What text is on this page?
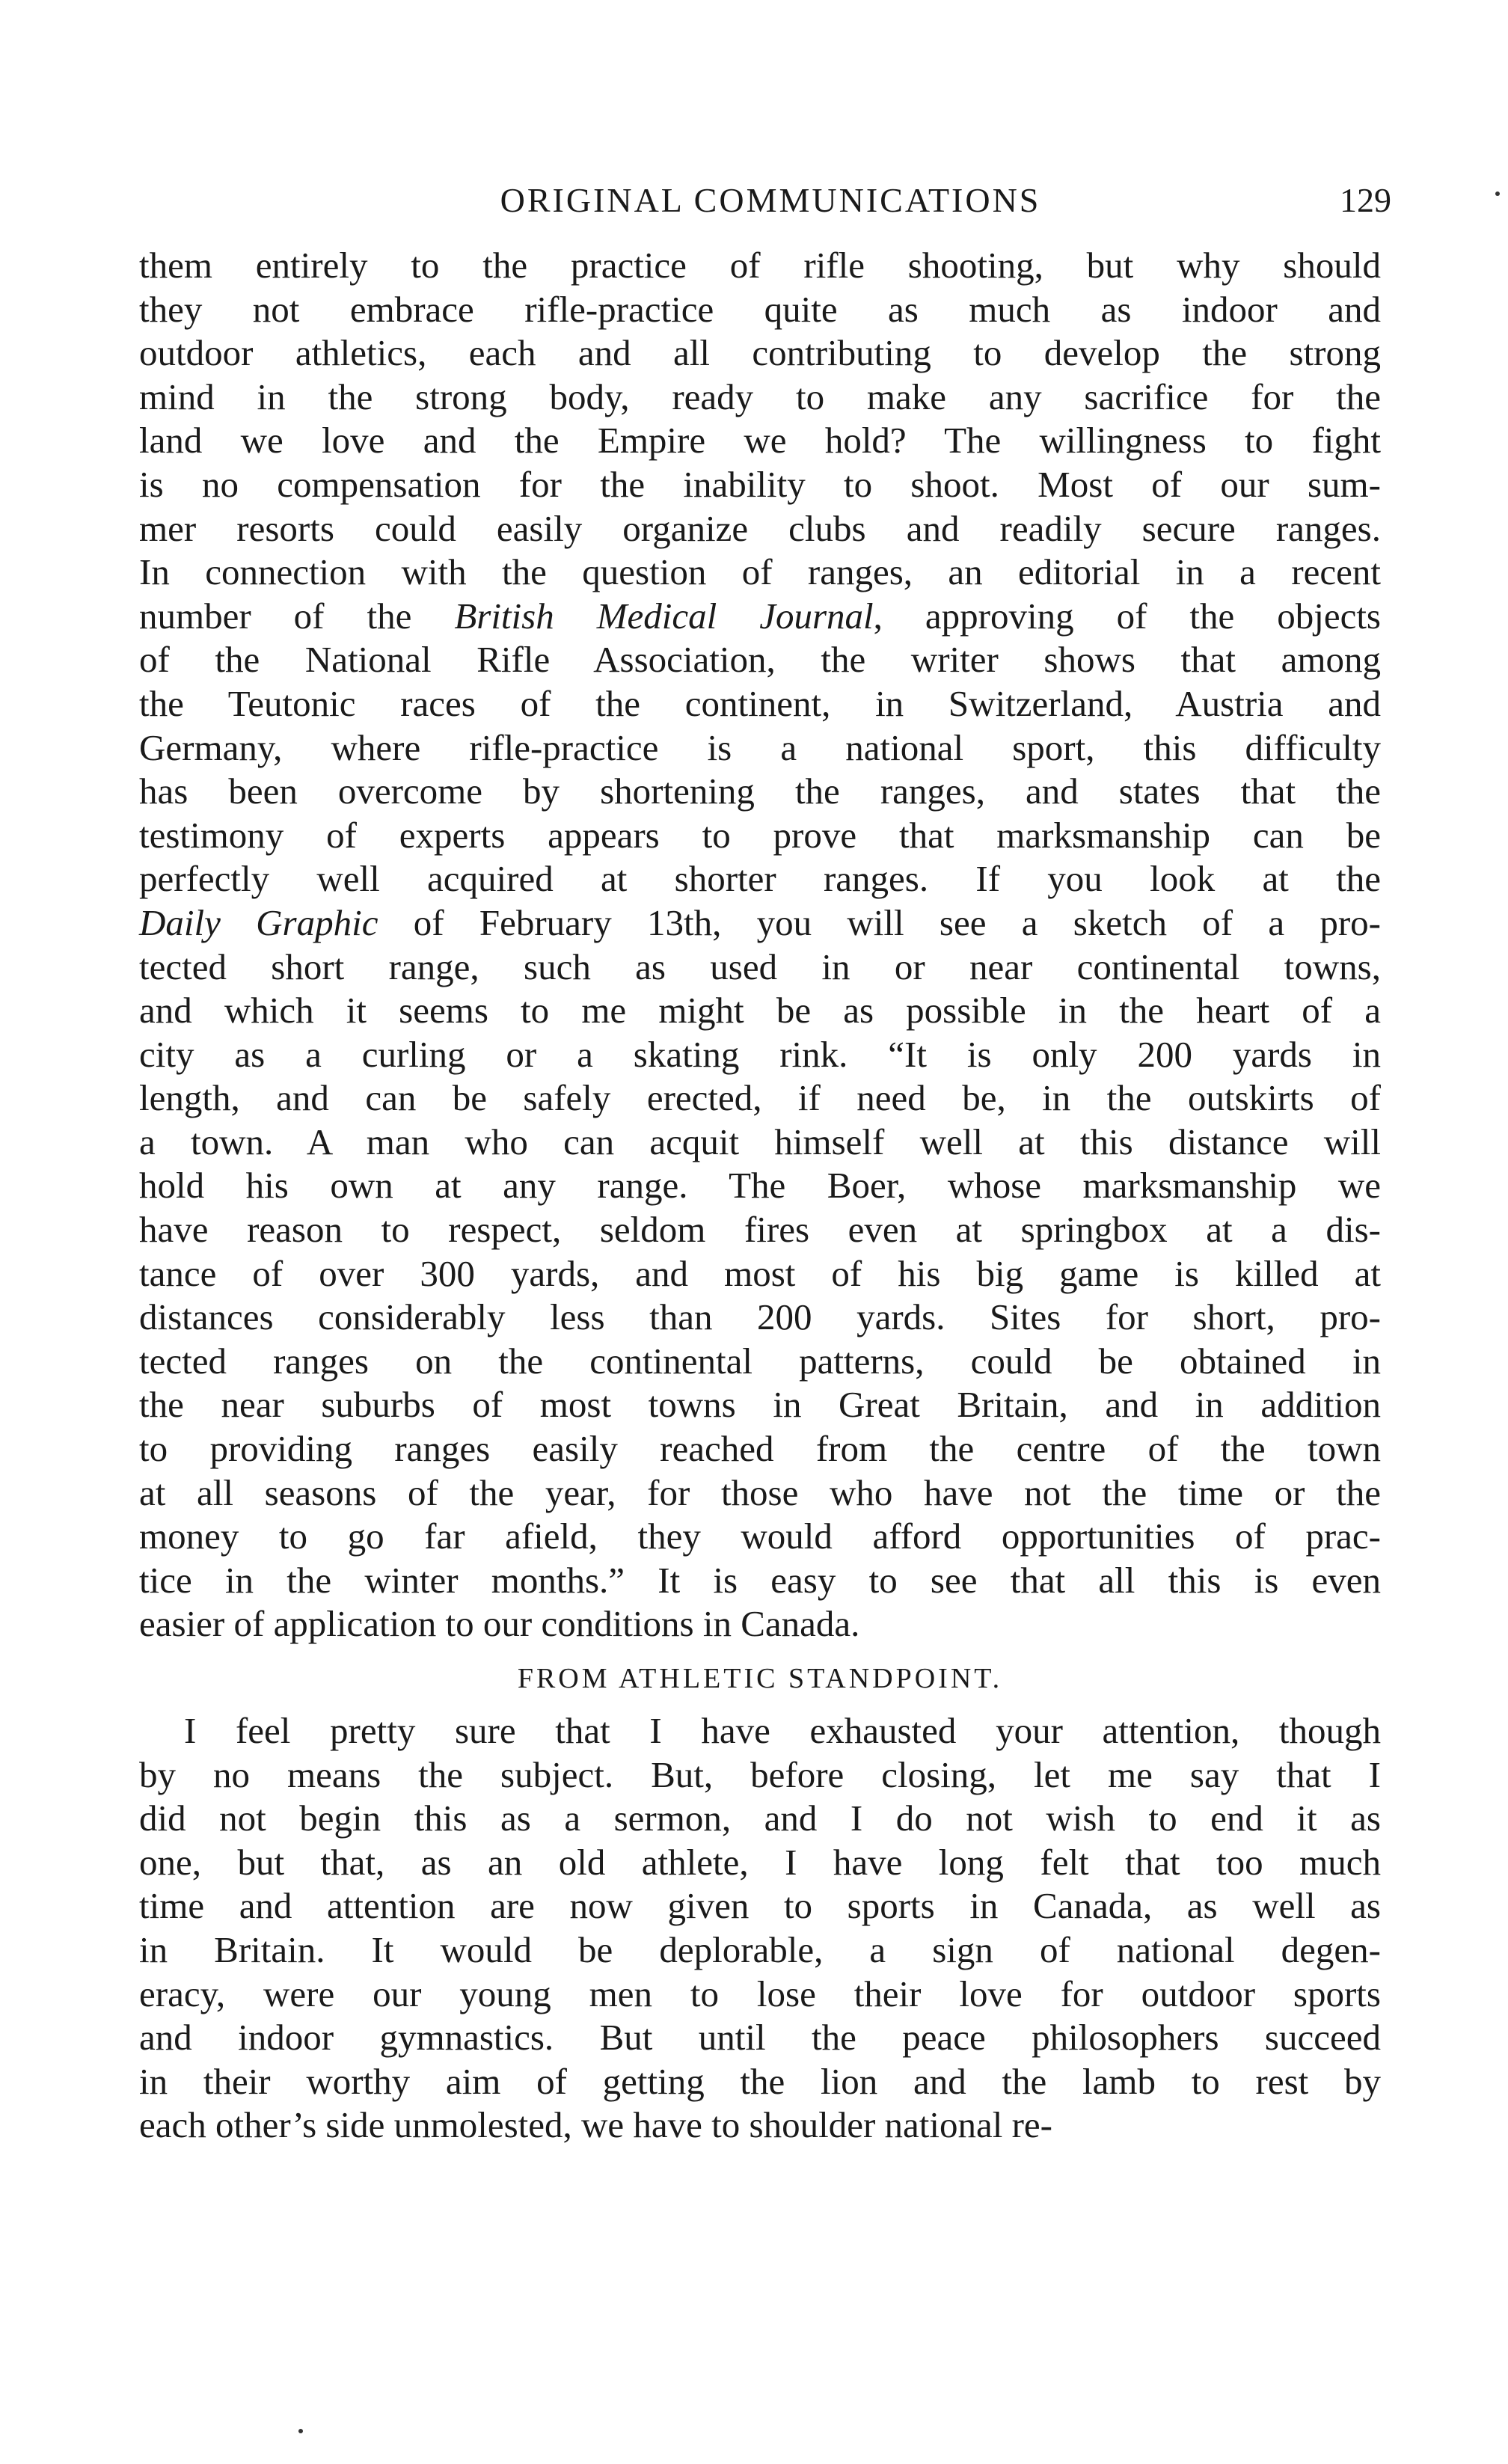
ORIGINAL COMMUNICATIONS	129
them entirely to the practice of rifle shooting, but why should
they not embrace rifle-practice quite as much as indoor and
outdoor athletics, each and all contributing to develop the strong
mind in the strong body, ready to make any sacrifice for the
land we love and the Empire we hold? The willingness to fight
is no compensation for the inability to shoot. Most of our sum-
mer resorts could easily organize clubs and readily secure ranges.
In connection with the question of ranges, an editorial in a recent
number of the British Medical Journal, approving of the objects
of the National Rifle Association, the writer shows that among
the Teutonic races of the continent, in Switzerland, Austria and
Germany, where rifle-practice is a national sport, this difficulty
has been overcome by shortening the ranges, and states that the
testimony of experts appears to prove that marksmanship can be
perfectly well acquired at shorter ranges. If you look at the
Daily Graphic of February 13th, you will see a sketch of a pro-
tected short range, such as used in or near continental towns,
and which it seems to me might be as possible in the heart of a
city as a curling or a skating rink. “It is only 200 yards in
length, and can be safely erected, if need be, in the outskirts of
a town. A man who can acquit himself well at this distance will
hold his own at any range. The Boer, whose marksmanship we
have reason to respect, seldom fires even at springbox at a dis-
tance of over 300 yards, and most of his big game is killed at
distances considerably less than 200 yards. Sites for short, pro-
tected ranges on the continental patterns, could be obtained in
the near suburbs of most towns in Great Britain, and in addition
to providing ranges easily reached from the centre of the town
at all seasons of the year, for those who have not the time or the
money to go far afield, they would afford opportunities of prac-
tice in the winter months.” It is easy to see that all this is even
easier of application to our conditions in Canada.
FROM ATHLETIC STANDPOINT.
I feel pretty sure that I have exhausted your attention, though
by no means the subject. But, before closing, let me say that I
did not begin this as a sermon, and I do not wish to end it as
one, but that, as an old athlete, I have long felt that too much
time and attention are now given to sports in Canada, as well as
in Britain. It would be deplorable, a sign of national degen-
eracy, were our young men to lose their love for outdoor sports
and indoor gymnastics. But until the peace philosophers succeed
in their worthy aim of getting the lion and the lamb to rest by
each other’s side unmolested, we have to shoulder national re-
